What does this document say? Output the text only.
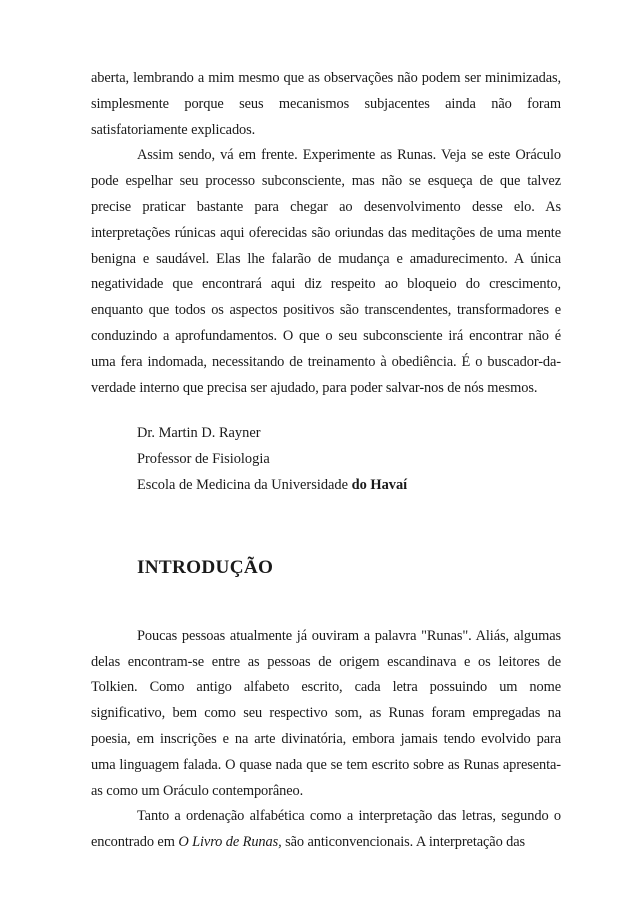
aberta, lembrando a mim mesmo que as observações não podem ser minimizadas, simplesmente porque seus mecanismos subjacentes ainda não foram satisfatoriamente explicados.

Assim sendo, vá em frente. Experimente as Runas. Veja se este Oráculo pode espelhar seu processo subconsciente, mas não se esqueça de que talvez precise praticar bastante para chegar ao desenvolvimento desse elo. As interpretações rúnicas aqui oferecidas são oriundas das meditações de uma mente benigna e saudável. Elas lhe falarão de mudança e amadurecimento. A única negatividade que encontrará aqui diz respeito ao bloqueio do crescimento, enquanto que todos os aspectos positivos são transcendentes, transformadores e conduzindo a aprofundamentos. O que o seu subconsciente irá encontrar não é uma fera indomada, necessitando de treinamento à obediência. É o buscador-da-verdade interno que precisa ser ajudado, para poder salvar-nos de nós mesmos.

Dr. Martin D. Rayner
Professor de Fisiologia
Escola de Medicina da Universidade do Havaí
INTRODUÇÃO

Poucas pessoas atualmente já ouviram a palavra "Runas". Aliás, algumas delas encontram-se entre as pessoas de origem escandinava e os leitores de Tolkien. Como antigo alfabeto escrito, cada letra possuindo um nome significativo, bem como seu respectivo som, as Runas foram empregadas na poesia, em inscrições e na arte divinatória, embora jamais tendo evolvido para uma linguagem falada. O quase nada que se tem escrito sobre as Runas apresenta-as como um Oráculo contemporâneo.

Tanto a ordenação alfabética como a interpretação das letras, segundo o encontrado em O Livro de Runas, são anticonvencionais. A interpretação das
